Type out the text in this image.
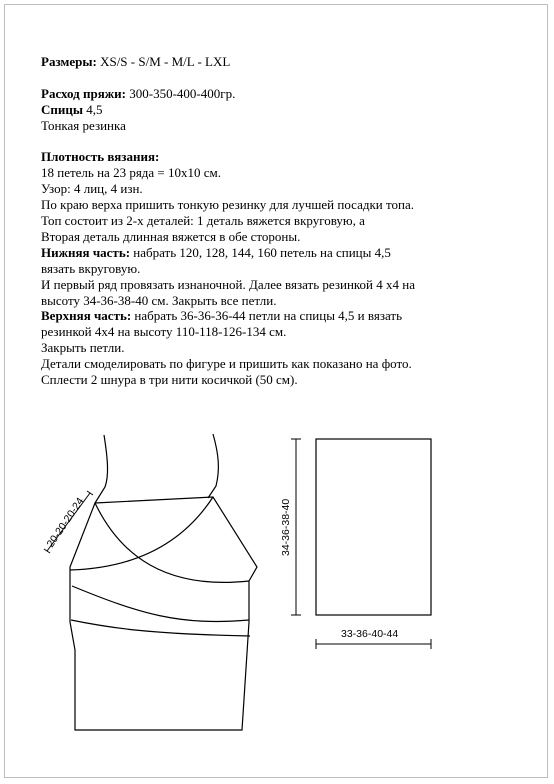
Размеры: XS/S - S/M - M/L - LXL

Расход пряжи: 300-350-400-400гр.

Спицы 4,5

Тонкая резинка

Плотность вязания:

18 петель на 23 ряда = 10х10 см.

Узор: 4 лиц, 4 изн.

По краю верха пришить тонкую резинку для лучшей посадки топа.

Топ состоит из 2-х деталей: 1 деталь вяжется вкруговую, а

Вторая деталь длинная вяжется в обе стороны.

Нижняя часть: набрать 120, 128, 144, 160 петель на спицы 4,5

вязать вкруговую.

И первый ряд провязать изнаночной. Далее вязать резинкой 4 х4 на

высоту 34-36-38-40 см. Закрыть все петли.

Верхняя часть: набрать 36-36-36-44 петли на спицы 4,5 и вязать

резинкой 4х4 на высоту 110-118-126-134 см.

Закрыть петли.

Детали смоделировать по фигуре и пришить как показано на фото.

Сплести 2 шнура в три нити косичкой (50 см).

20-20-20-24	34-36-38-40
33-36-40-44
